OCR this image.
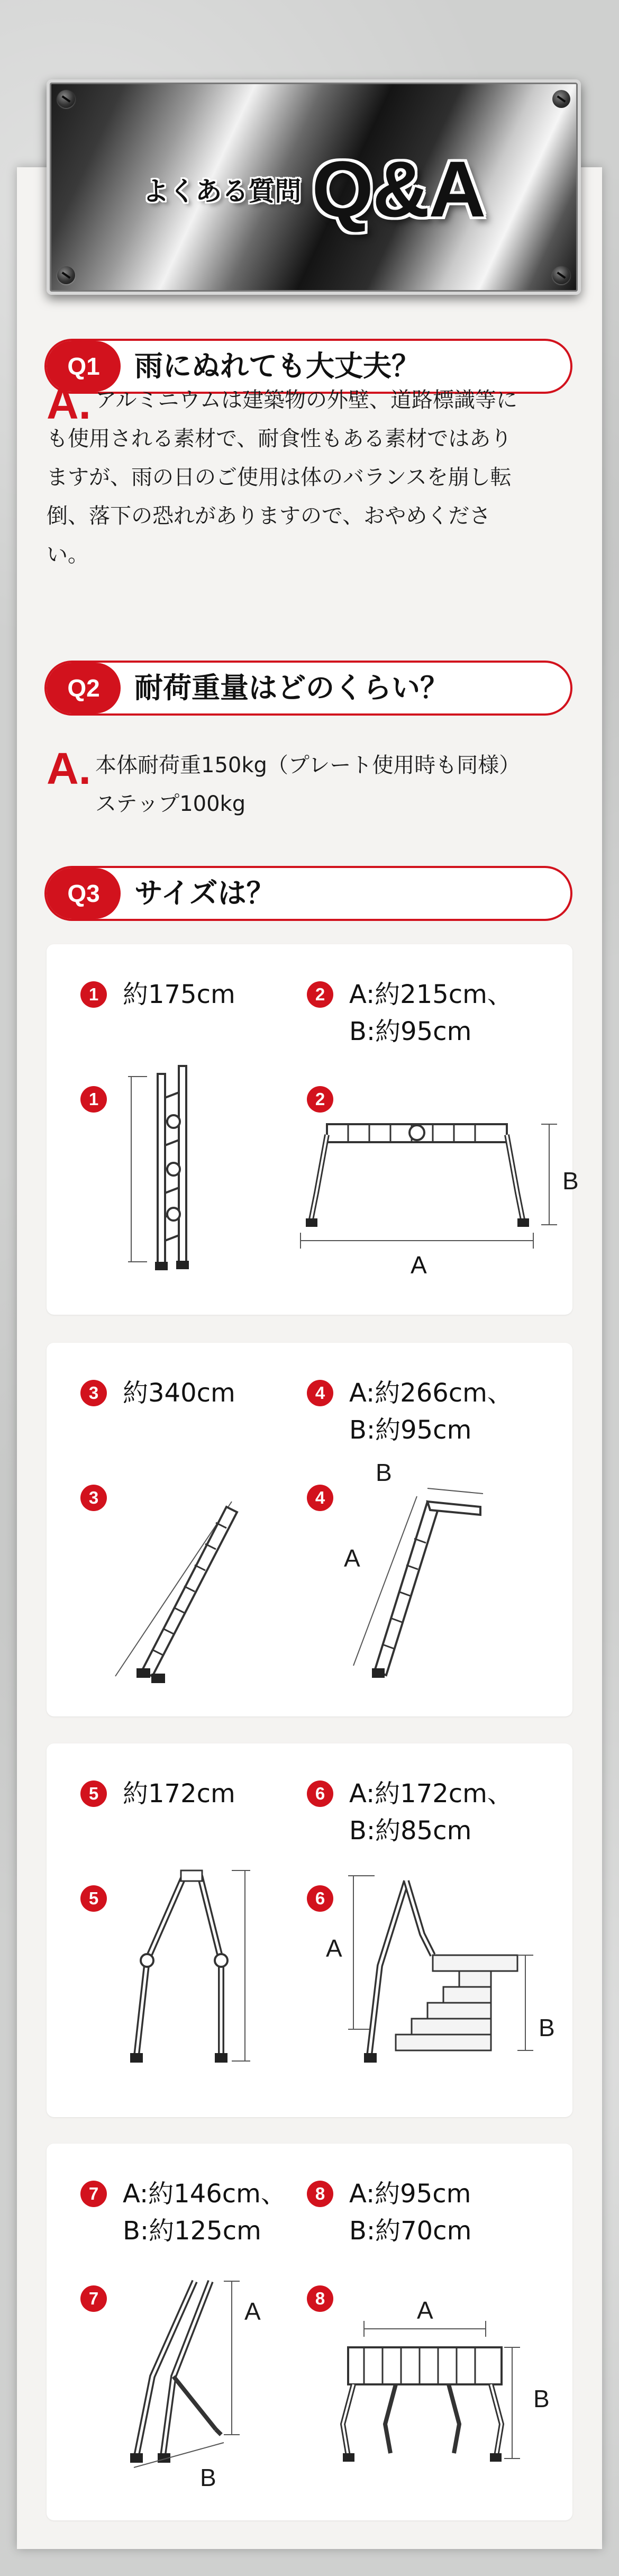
よくある質問 Q&A
Q1	雨にぬれても大丈夫？
A. アルミニウムは建築物の外壁、道路標識等に
も使用される素材で、耐食性もある素材ではあり
ますが、雨の日のご使用は体のバランスを崩し転
倒、落下の恐れがありますので、おやめくださ
い。
Q2	耐荷重量はどのくらい？
A. 本体耐荷重150kg（プレート使用時も同様）
ステップ100kg
Q3	サイズは？
1 約175cm	2 A:約215cm、
B:約95cm
1	2
A
B
3 約340cm	4 A:約266cm、
B:約95cm
3	4
B
A
5 約172cm	6 A:約172cm、
B:約85cm
5	6
A
B
7 A:約146cm、
B:約125cm
8 A:約95cm
B:約70cm
7	A
B
8	A
B
